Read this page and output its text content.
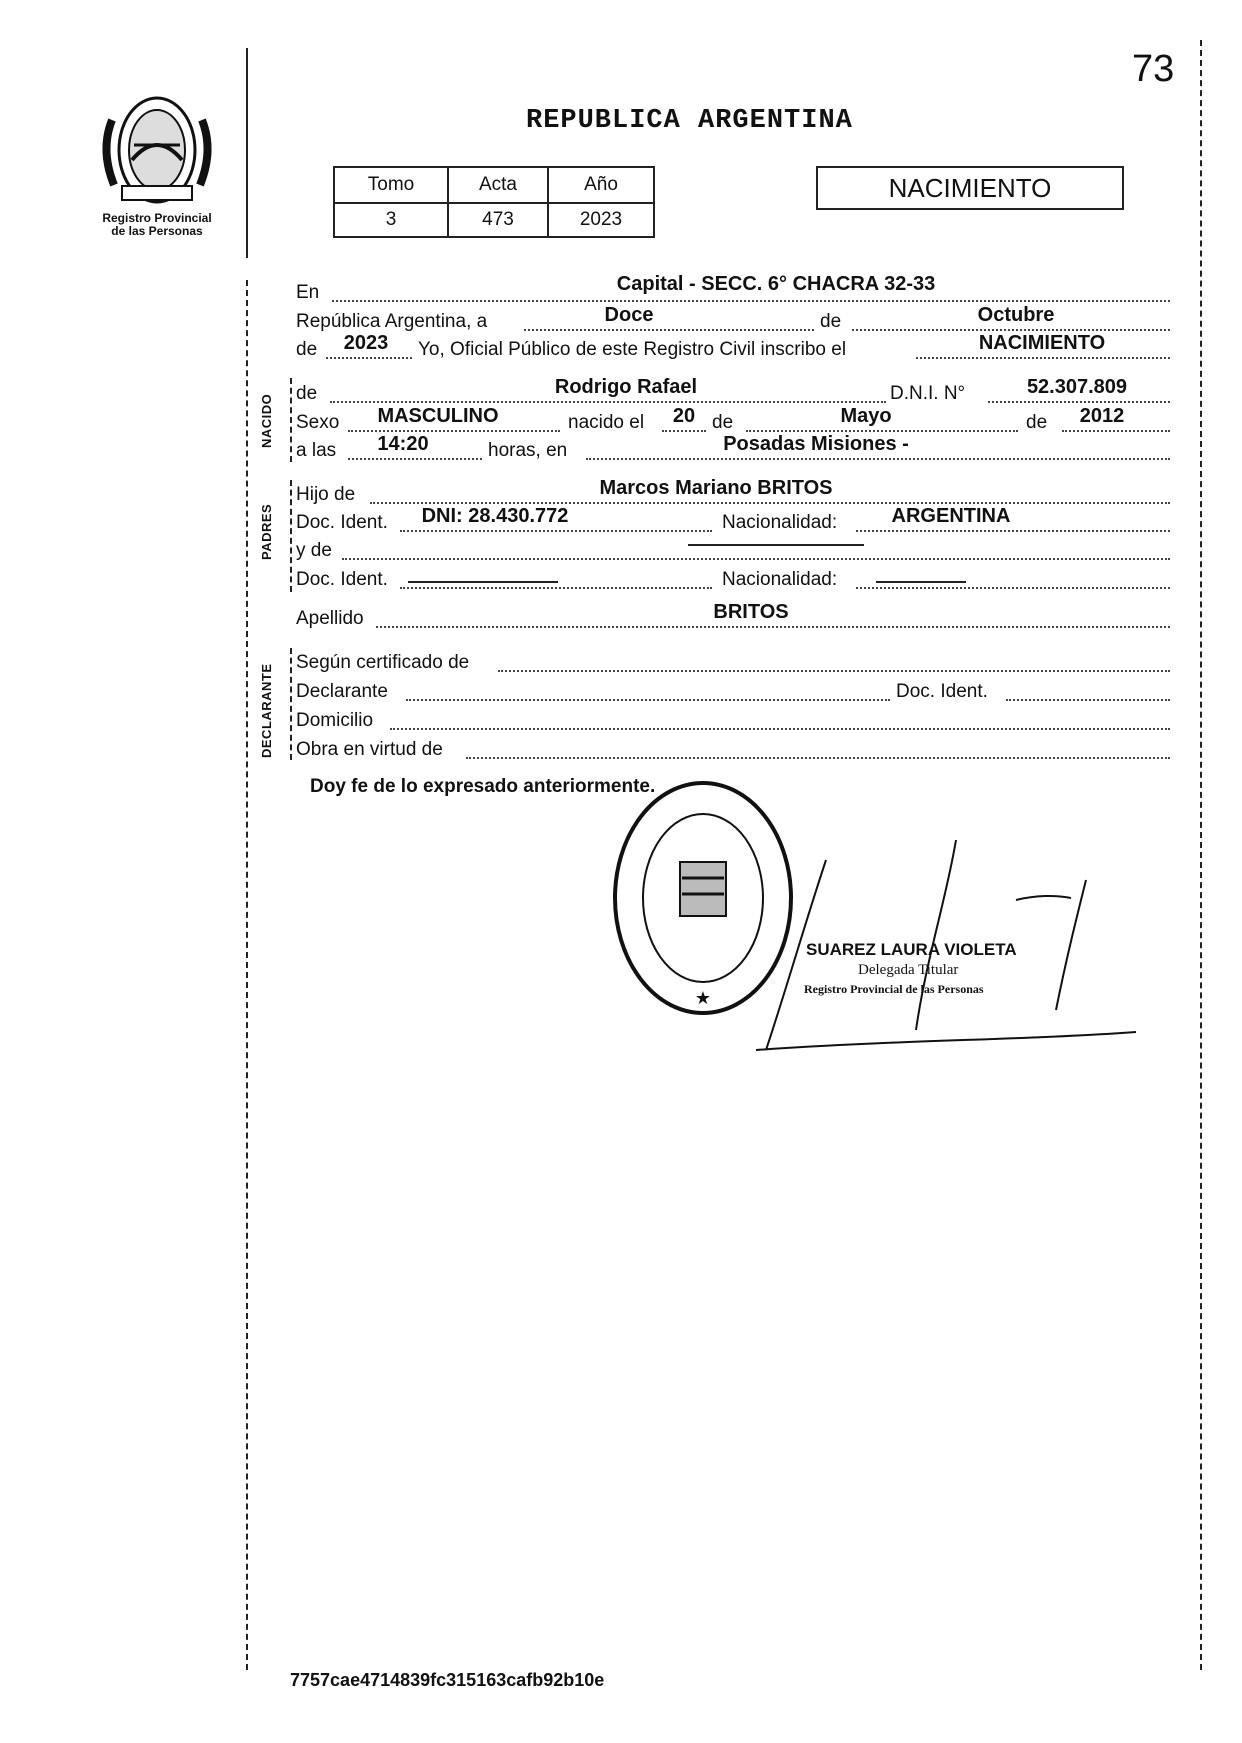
73
Registro Provincial
de las Personas
REPUBLICA ARGENTINA
Tomo	Acta	Año
3	473	2023
NACIMIENTO
NACIDO
PADRES
DECLARANTE
En	Capital - SECC. 6° CHACRA 32-33
República Argentina, a	Doce	de	Octubre
de	2023	Yo, Oficial Público de este Registro Civil inscribo el	NACIMIENTO
de	Rodrigo Rafael	D.N.I. N°	52.307.809
Sexo	MASCULINO	nacido el	20 de	Mayo	de	2012
a las	14:20	horas, en	Posadas Misiones -
Hijo de	Marcos Mariano BRITOS
Doc. Ident.	DNI: 28.430.772	Nacionalidad:	ARGENTINA
y de
Doc. Ident.	Nacionalidad:
Apellido	BRITOS
Según certificado de
Declarante	Doc. Ident.
Domicilio
Obra en virtud de
Doy fe de lo expresado anteriormente.
★
SUAREZ LAURA VIOLETA
Delegada Titular
Registro Provincial de las Personas
7757cae4714839fc315163cafb92b10e
